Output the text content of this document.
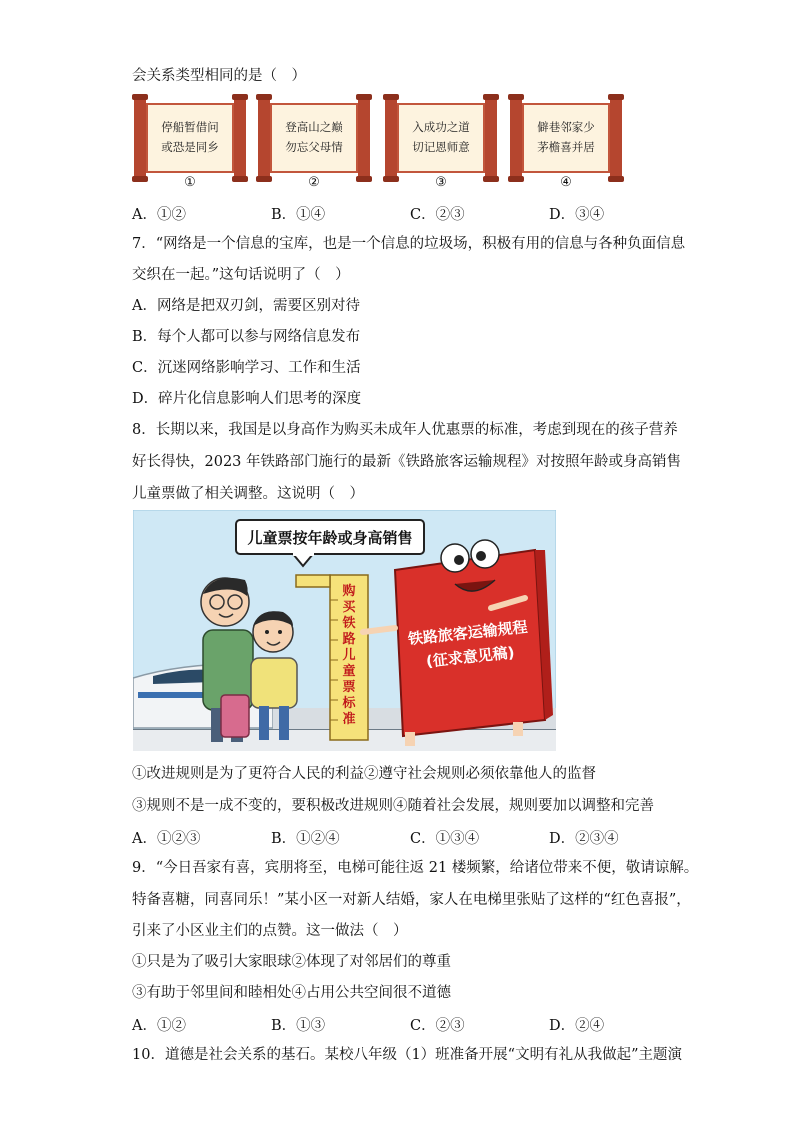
会关系类型相同的是（　）
停船暂借问
或恐是同乡
登高山之巅
勿忘父母情
入成功之道
切记恩师意
僻巷邻家少
茅檐喜并居
①	②	③	④
A．①②	B．①④	C．②③	D．③④
7．“网络是一个信息的宝库，也是一个信息的垃圾场，积极有用的信息与各种负面信息
交织在一起。”这句话说明了（　）
A．网络是把双刃剑，需要区别对待
B．每个人都可以参与网络信息发布
C．沉迷网络影响学习、工作和生活
D．碎片化信息影响人们思考的深度
8．长期以来，我国是以身高作为购买未成年人优惠票的标准，考虑到现在的孩子营养
好长得快，2023 年铁路部门施行的最新《铁路旅客运输规程》对按照年龄或身高销售
儿童票做了相关调整。这说明（　）
儿童票按年龄或身高销售
购
买
铁
路
儿
童
票
标
准
铁路旅客运输规程
(征求意见稿)
①改进规则是为了更符合人民的利益②遵守社会规则必须依靠他人的监督
③规则不是一成不变的，要积极改进规则④随着社会发展，规则要加以调整和完善
A．①②③	B．①②④	C．①③④	D．②③④
9．“今日吾家有喜，宾朋将至，电梯可能往返 21 楼频繁，给诸位带来不便，敬请谅解。
特备喜糖，同喜同乐！”某小区一对新人结婚，家人在电梯里张贴了这样的“红色喜报”，
引来了小区业主们的点赞。这一做法（　）
①只是为了吸引大家眼球②体现了对邻居们的尊重
③有助于邻里间和睦相处④占用公共空间很不道德
A．①②	B．①③	C．②③	D．②④
10．道德是社会关系的基石。某校八年级（1）班准备开展“文明有礼从我做起”主题演
